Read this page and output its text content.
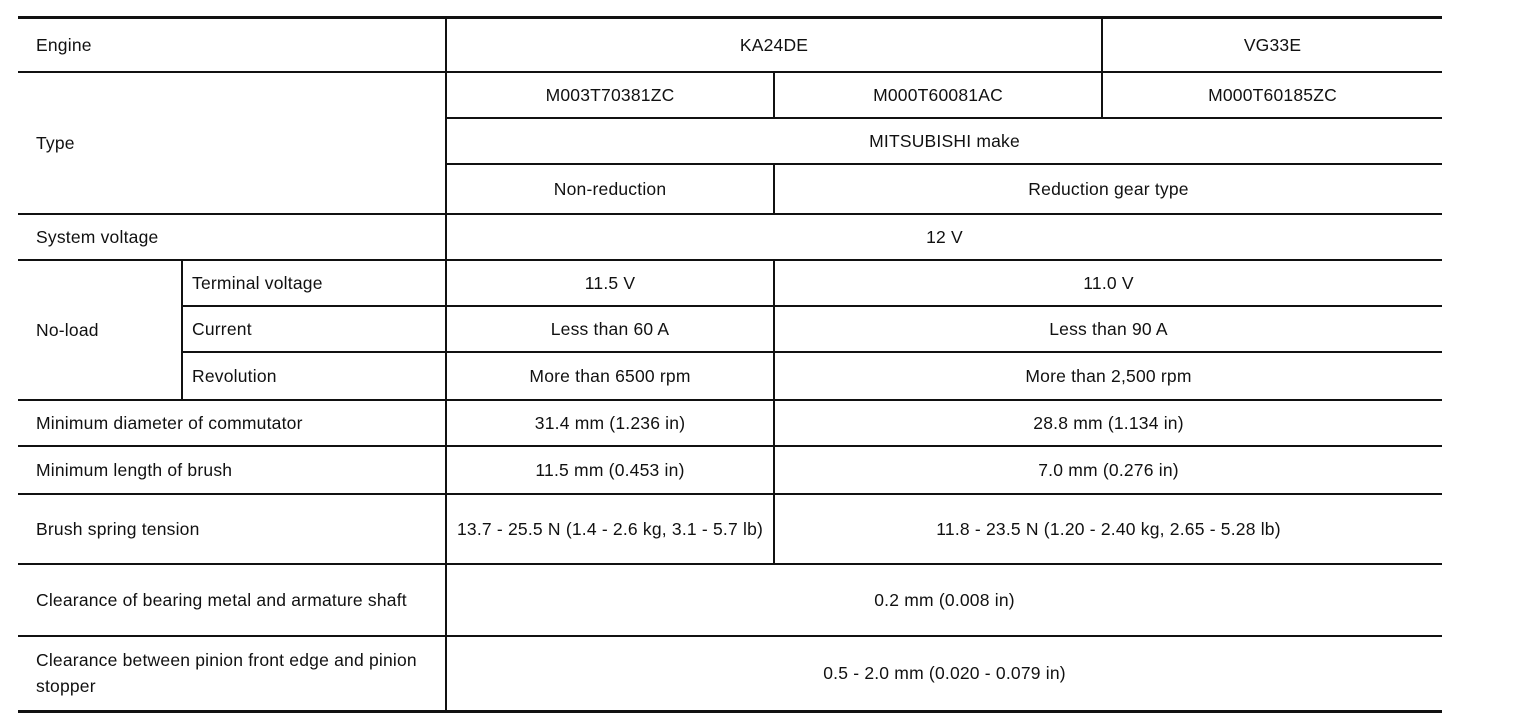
Engine		KA24DE		VG33E
Type		M003T70381ZC	M000T60081AC	M000T60185ZC
		MITSUBISHI make		
		Non-reduction	Reduction gear type	
System voltage		12 V		
No-load	Terminal voltage	11.5 V	11.0 V	
	Current	Less than 60 A	Less than 90 A	
	Revolution	More than 6500 rpm	More than 2,500 rpm	
Minimum diameter of commutator		31.4 mm (1.236 in)	28.8 mm (1.134 in)	
Minimum length of brush		11.5 mm (0.453 in)	7.0 mm (0.276 in)	
Brush spring tension		13.7 - 25.5 N (1.4 - 2.6 kg, 3.1 - 5.7 lb)	11.8 - 23.5 N (1.20 - 2.40 kg, 2.65 - 5.28 lb)	
Clearance of bearing metal and armature shaft		0.2 mm (0.008 in)		
Clearance between pinion front edge and pinion stopper		0.5 - 2.0 mm (0.020 - 0.079 in)		
